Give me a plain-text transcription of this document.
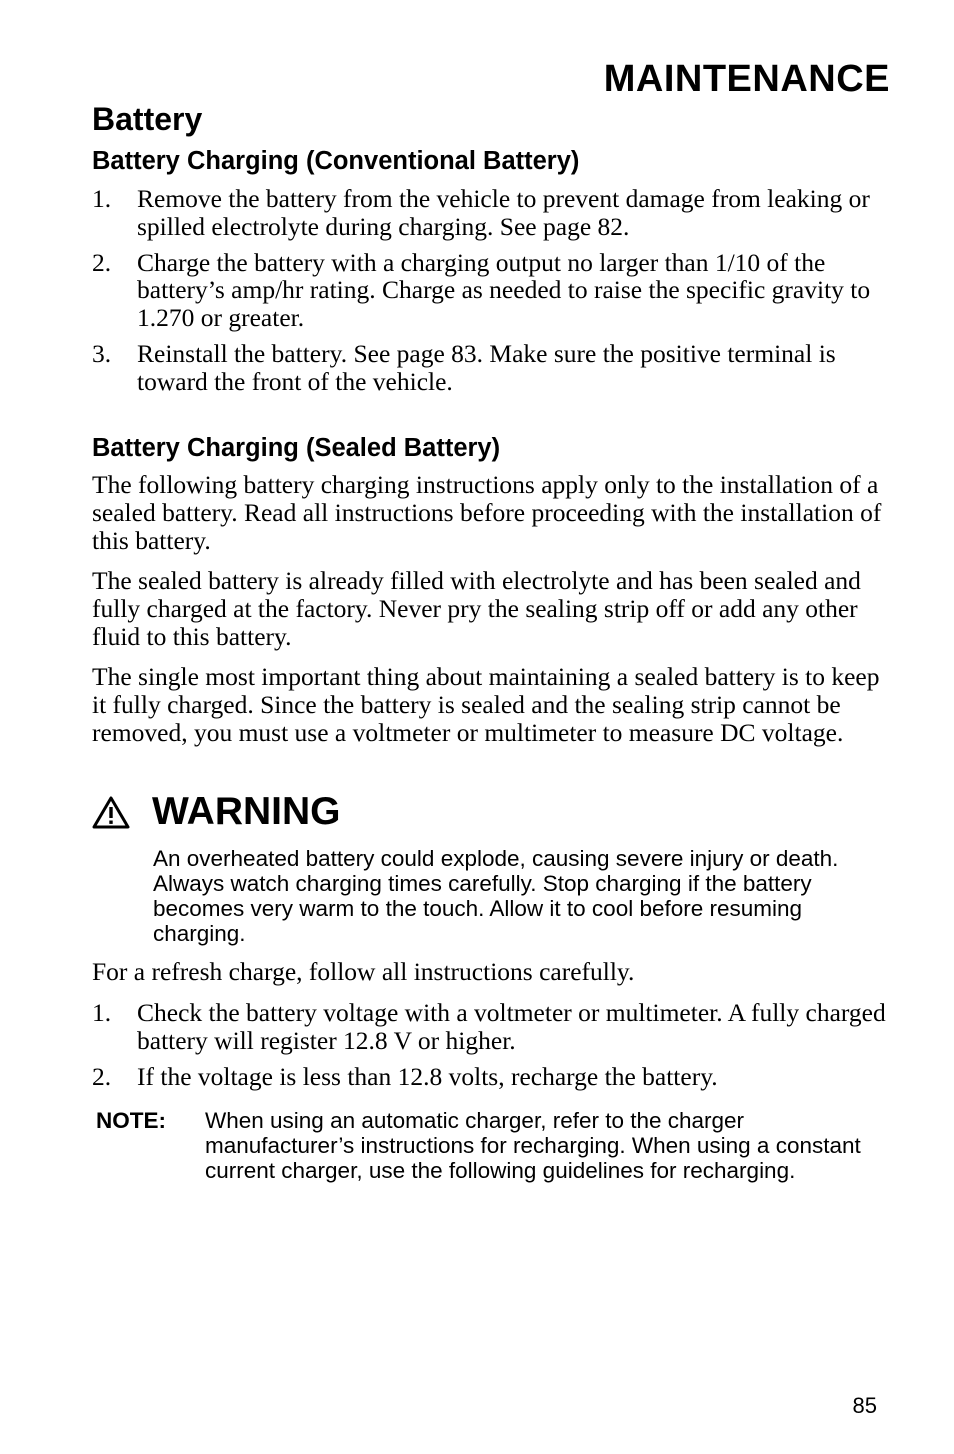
MAINTENANCE
Battery
Battery Charging (Conventional Battery)
1.	Remove the battery from the vehicle to prevent damage from leaking or spilled electrolyte during charging. See page 82.
2.	Charge the battery with a charging output no larger than 1/10 of the battery’s amp/hr rating. Charge as needed to raise the specific gravity to 1.270 or greater.
3.	Reinstall the battery. See page 83. Make sure the positive terminal is toward the front of the vehicle.
Battery Charging (Sealed Battery)

The following battery charging instructions apply only to the installation of a sealed battery. Read all instructions before proceeding with the installation of this battery.

The sealed battery is already filled with electrolyte and has been sealed and fully charged at the factory. Never pry the sealing strip off or add any other fluid to this battery.

The single most important thing about maintaining a sealed battery is to keep it fully charged. Since the battery is sealed and the sealing strip cannot be removed, you must use a voltmeter or multimeter to measure DC voltage.

WARNING
An overheated battery could explode, causing severe injury or death. Always watch charging times carefully. Stop charging if the battery becomes very warm to the touch. Allow it to cool before resuming charging.

For a refresh charge, follow all instructions carefully.

1.	Check the battery voltage with a voltmeter or multimeter. A fully charged battery will register 12.8 V or higher.
2.	If the voltage is less than 12.8 volts, recharge the battery.
NOTE:	When using an automatic charger, refer to the charger manufacturer’s instructions for recharging. When using a constant current charger, use the following guidelines for recharging.
85
